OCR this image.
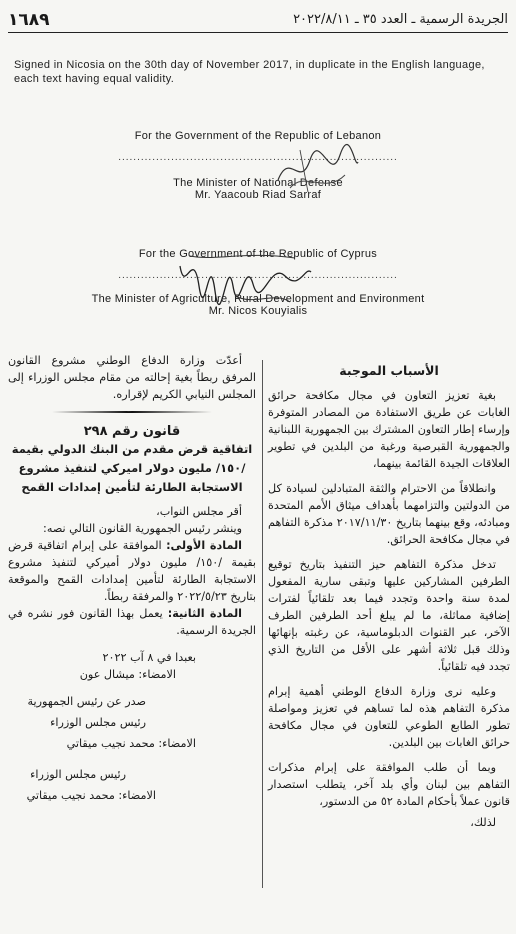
١٦٨٩	الجريدة الرسمية ـ العدد ٣٥ ـ ٢٠٢٢/٨/١١
Signed in Nicosia on the 30th day of November 2017, in duplicate in the English language, each text having equal validity.
For the Government of the Republic of Lebanon
..........................................................................
The Minister of National Defense
Mr. Yaacoub Riad Sarraf
For the Government of the Republic of Cyprus
..........................................................................
The Minister of Agriculture, Rural Development and Environment
Mr. Nicos Kouyialis

الأسباب الموجبة

بغية تعزيز التعاون في مجال مكافحة حرائق الغابات عن طريق الاستفادة من المصادر المتوفرة وإرساء إطار التعاون المشترك بين الجمهورية اللبنانية والجمهورية القبرصية ورغبة من البلدين في تطوير العلاقات الجيدة القائمة بينهما،

وانطلاقاً من الاحترام والثقة المتبادلين لسيادة كل من الدولتين والتزامهما بأهداف ميثاق الأمم المتحدة ومبادئه، وقع بينهما بتاريخ ٢٠١٧/١١/٣٠ مذكرة التفاهم في مجال مكافحة الحرائق.

تدخل مذكرة التفاهم حيز التنفيذ بتاريخ توقيع الطرفين المشاركين عليها وتبقى سارية المفعول لمدة سنة واحدة وتجدد فيما بعد تلقائياً لفترات إضافية مماثلة، ما لم يبلغ أحد الطرفين الطرف الآخر، عبر القنوات الدبلوماسية، عن رغبته بإنهائها وذلك قبل ثلاثة أشهر على الأقل من التاريخ الذي تجدد فيه تلقائياً.

وعليه نرى وزارة الدفاع الوطني أهمية إبرام مذكرة التفاهم هذه لما تساهم في تعزيز ومواصلة تطور الطابع الطوعي للتعاون في مجال مكافحة حرائق الغابات بين البلدين.

وبما أن طلب الموافقة على إبرام مذكرات التفاهم بين لبنان وأي بلد آخر، يتطلب استصدار قانون عملاً بأحكام المادة ٥٢ من الدستور،

لذلك،

أعدّت وزارة الدفاع الوطني مشروع القانون المرفق ربطاً بغية إحالته من مقام مجلس الوزراء إلى المجلس النيابي الكريم لإقراره.

قانون رقم ٢٩٨

اتفاقية قرض مقدم من البنك الدولي بقيمة /١٥٠/ مليون دولار اميركي لتنفيذ مشروع الاستجابة الطارئة لتأمين إمدادات القمح

أقر مجلس النواب،

وينشر رئيس الجمهورية القانون التالي نصه:

المادة الأولى: الموافقة على إبرام اتفاقية قرض بقيمة /١٥٠/ مليون دولار أميركي لتنفيذ مشروع الاستجابة الطارئة لتأمين إمدادات القمح والموقعة بتاريخ ٢٠٢٢/٥/٢٣ والمرفقة ربطاً.

المادة الثانية: يعمل بهذا القانون فور نشره في الجريدة الرسمية.

بعبدا في ٨ آب ٢٠٢٢

الامضاء: ميشال عون

صدر عن رئيس الجمهورية

رئيس مجلس الوزراء

الامضاء: محمد نجيب ميقاتي

رئيس مجلس الوزراء

الامضاء: محمد نجيب ميقاتي
